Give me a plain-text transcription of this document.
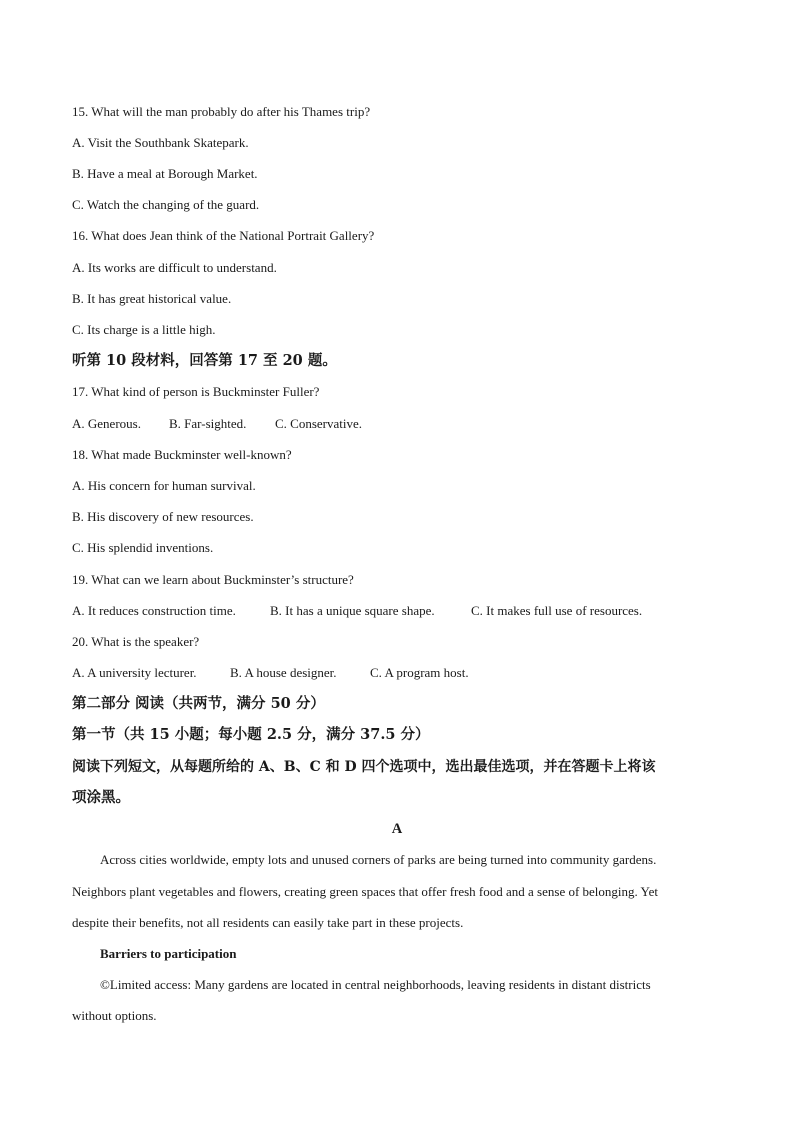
15. What will the man probably do after his Thames trip?
A. Visit the Southbank Skatepark.
B. Have a meal at Borough Market.
C. Watch the changing of the guard.
16. What does Jean think of the National Portrait Gallery?
A. Its works are difficult to understand.
B. It has great historical value.
C. Its charge is a little high.
听第 10 段材料，回答第 17 至 20 题。
17. What kind of person is Buckminster Fuller?
A. Generous. B. Far-sighted. C. Conservative.
18. What made Buckminster well-known?
A. His concern for human survival.
B. His discovery of new resources.
C. His splendid inventions.
19. What can we learn about Buckminster’s structure?
A. It reduces construction time.	B. It has a unique square shape.	C. It makes full use of resources.
20. What is the speaker?
A. A university lecturer.	B. A house designer.	C. A program host.
第二部分 阅读（共两节，满分 50 分）
第一节（共 15 小题；每小题 2.5 分，满分 37.5 分）
阅读下列短文，从每题所给的 A、B、C 和 D 四个选项中，选出最佳选项，并在答题卡上将该
项涂黑。
A
Across cities worldwide, empty lots and unused corners of parks are being turned into community gardens.
Neighbors plant vegetables and flowers, creating green spaces that offer fresh food and a sense of belonging. Yet
despite their benefits, not all residents can easily take part in these projects.
Barriers to participation
©Limited access: Many gardens are located in central neighborhoods, leaving residents in distant districts
without options.
